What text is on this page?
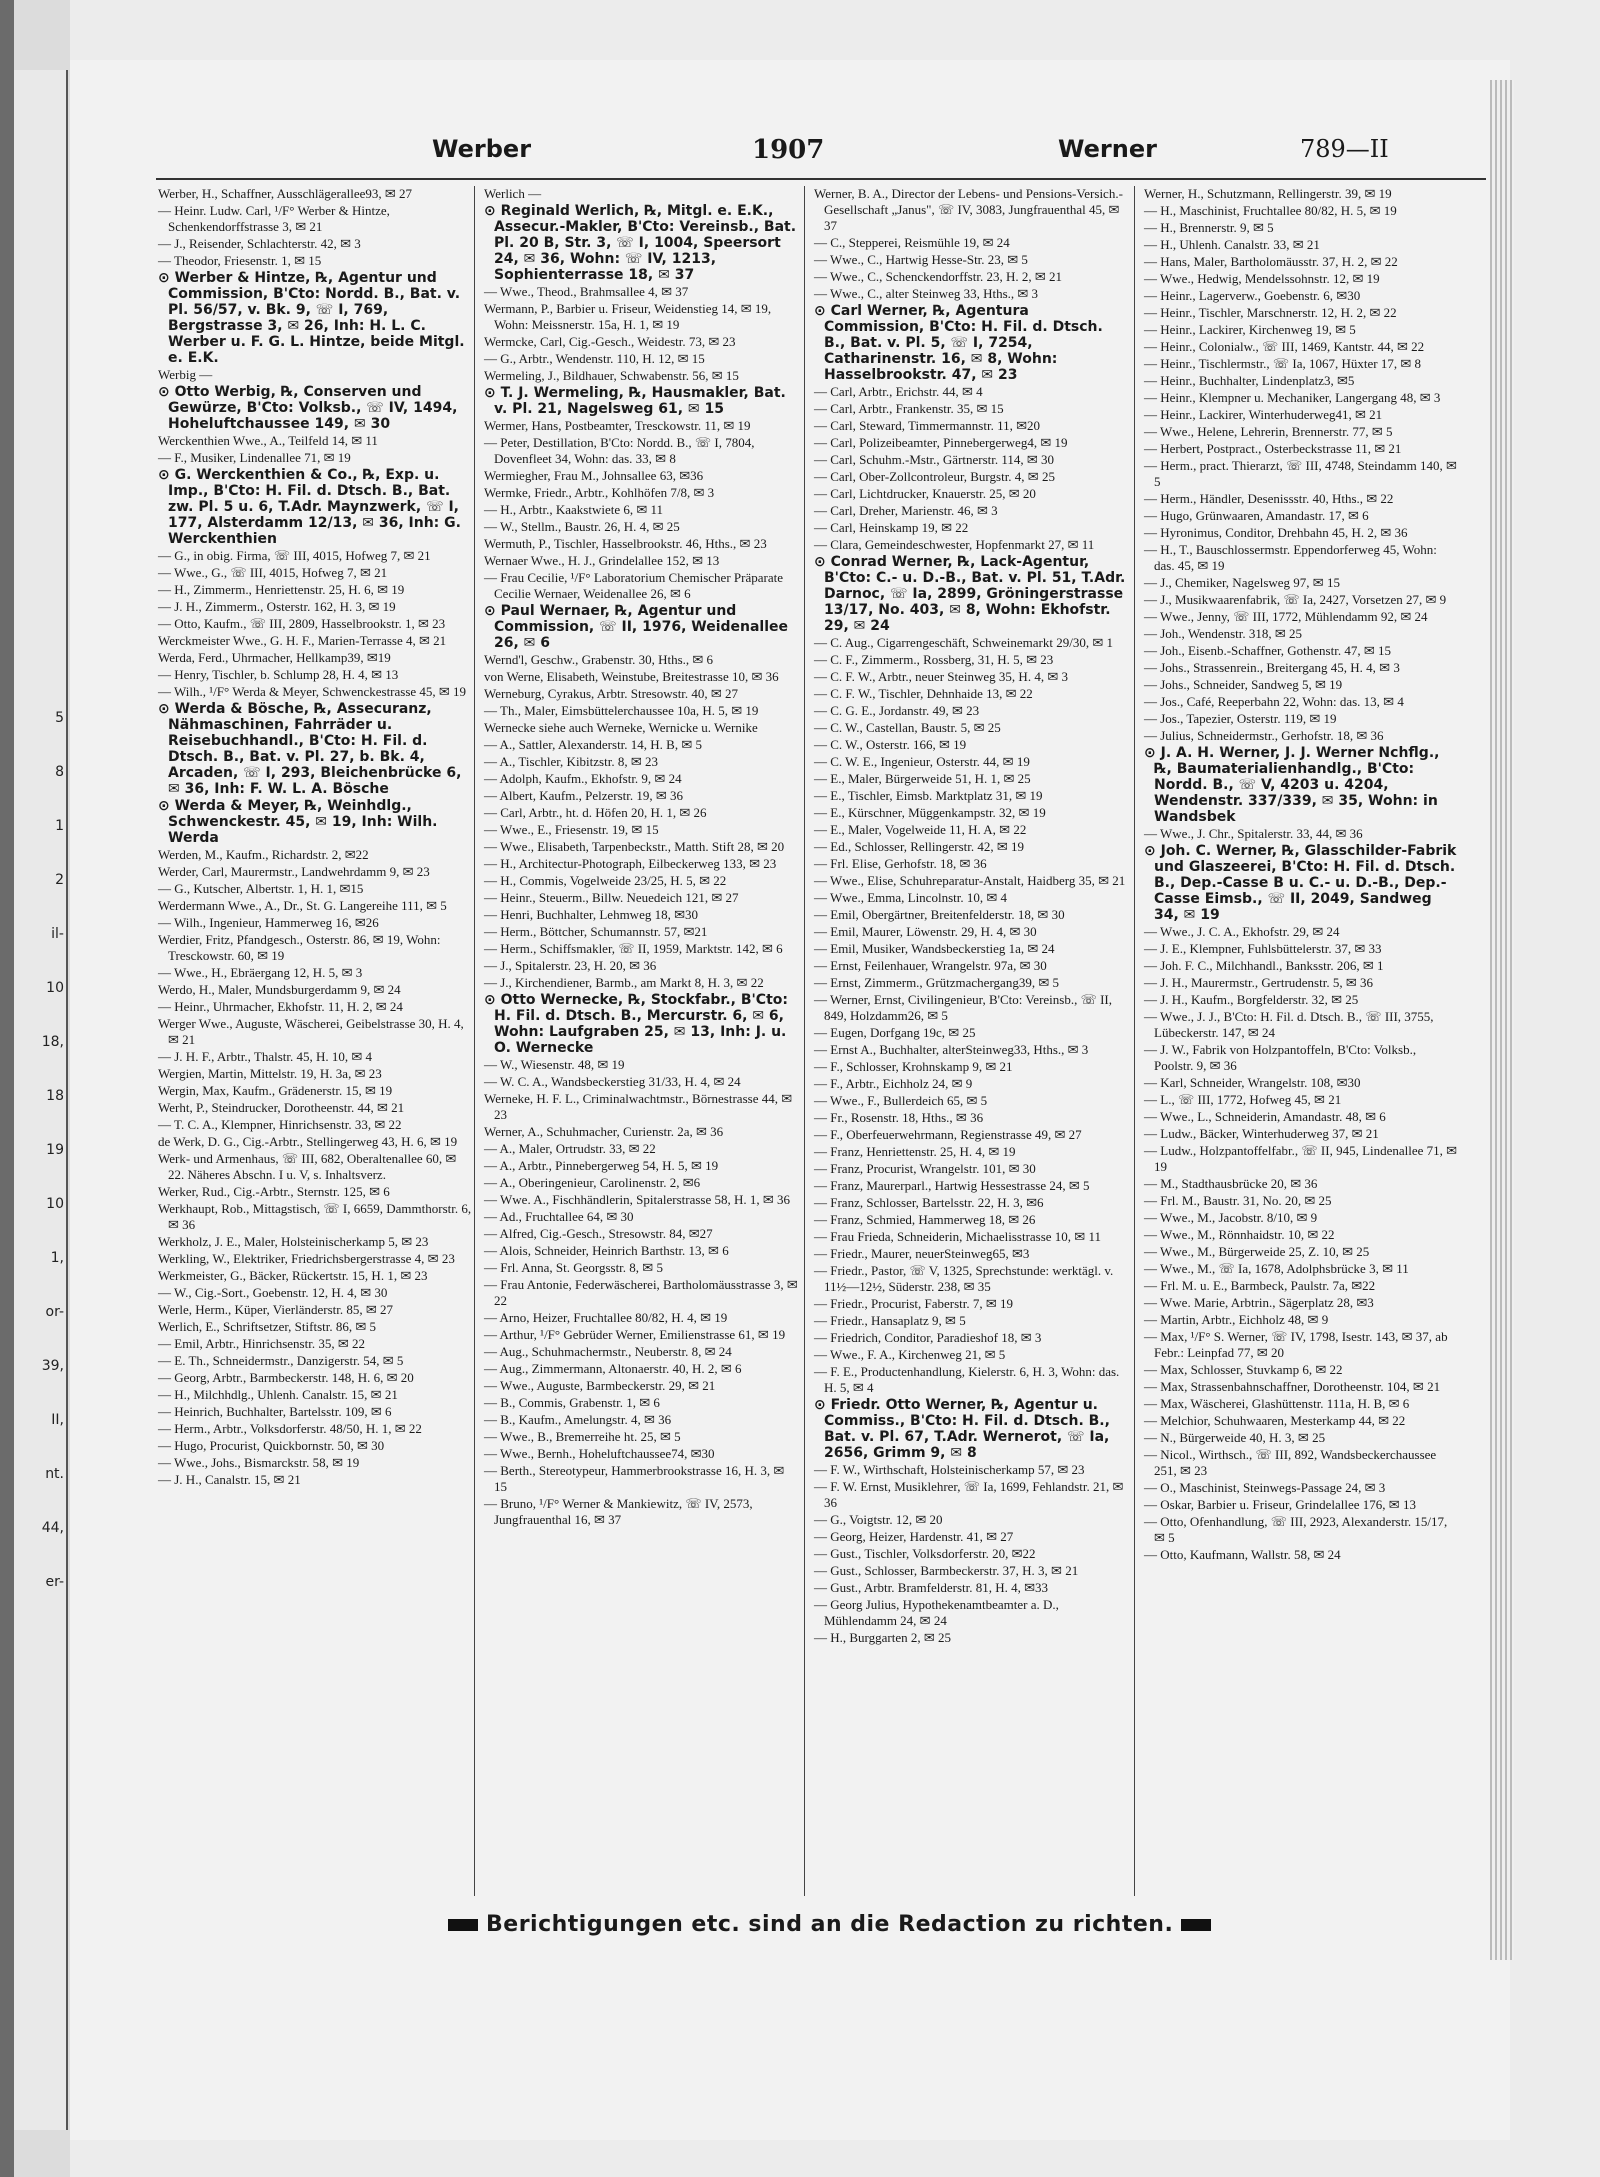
5
8
1
2
il-
10
18,
18
19
10
1,
or-
39,
II,
nt.
44,
er-
Werber	1907	Werner	789—II
Werber, H., Schaffner, Ausschlägerallee93, ✉ 27
— Heinr. Ludw. Carl, ¹/F° Werber & Hintze, Schenkendorffstrasse 3, ✉ 21
— J., Reisender, Schlachterstr. 42, ✉ 3
— Theodor, Friesenstr. 1, ✉ 15
⊙ Werber & Hintze, ℞, Agentur und Commission, B'Cto: Nordd. B., Bat. v. Pl. 56/57, v. Bk. 9, ☏ I, 769, Bergstrasse 3, ✉ 26, Inh: H. L. C. Werber u. F. G. L. Hintze, beide Mitgl. e. E.K.
Werbig —
⊙ Otto Werbig, ℞, Conserven und Gewürze, B'Cto: Volksb., ☏ IV, 1494, Hoheluftchaussee 149, ✉ 30
Werckenthien Wwe., A., Teilfeld 14, ✉ 11
— F., Musiker, Lindenallee 71, ✉ 19
⊙ G. Werckenthien & Co., ℞, Exp. u. Imp., B'Cto: H. Fil. d. Dtsch. B., Bat. zw. Pl. 5 u. 6, T.Adr. Maynzwerk, ☏ I, 177, Alsterdamm 12/13, ✉ 36, Inh: G. Werckenthien
— G., in obig. Firma, ☏ III, 4015, Hofweg 7, ✉ 21
— Wwe., G., ☏ III, 4015, Hofweg 7, ✉ 21
— H., Zimmerm., Henriettenstr. 25, H. 6, ✉ 19
— J. H., Zimmerm., Osterstr. 162, H. 3, ✉ 19
— Otto, Kaufm., ☏ III, 2809, Hasselbrookstr. 1, ✉ 23
Werckmeister Wwe., G. H. F., Marien-Terrasse 4, ✉ 21
Werda, Ferd., Uhrmacher, Hellkamp39, ✉19
— Henry, Tischler, b. Schlump 28, H. 4, ✉ 13
— Wilh., ¹/F° Werda & Meyer, Schwenckestrasse 45, ✉ 19
⊙ Werda & Bösche, ℞, Assecuranz, Nähmaschinen, Fahrräder u. Reisebuchhandl., B'Cto: H. Fil. d. Dtsch. B., Bat. v. Pl. 27, b. Bk. 4, Arcaden, ☏ I, 293, Bleichenbrücke 6, ✉ 36, Inh: F. W. L. A. Bösche
⊙ Werda & Meyer, ℞, Weinhdlg., Schwenckestr. 45, ✉ 19, Inh: Wilh. Werda
Werden, M., Kaufm., Richardstr. 2, ✉22
Werder, Carl, Maurermstr., Landwehrdamm 9, ✉ 23
— G., Kutscher, Albertstr. 1, H. 1, ✉15
Werdermann Wwe., A., Dr., St. G. Langereihe 111, ✉ 5
— Wilh., Ingenieur, Hammerweg 16, ✉26
Werdier, Fritz, Pfandgesch., Osterstr. 86, ✉ 19, Wohn: Tresckowstr. 60, ✉ 19
— Wwe., H., Ebräergang 12, H. 5, ✉ 3
Werdo, H., Maler, Mundsburgerdamm 9, ✉ 24
— Heinr., Uhrmacher, Ekhofstr. 11, H. 2, ✉ 24
Werger Wwe., Auguste, Wäscherei, Geibelstrasse 30, H. 4, ✉ 21
— J. H. F., Arbtr., Thalstr. 45, H. 10, ✉ 4
Wergien, Martin, Mittelstr. 19, H. 3a, ✉ 23
Wergin, Max, Kaufm., Grädenerstr. 15, ✉ 19
Werht, P., Steindrucker, Dorotheenstr. 44, ✉ 21
— T. C. A., Klempner, Hinrichsenstr. 33, ✉ 22
de Werk, D. G., Cig.-Arbtr., Stellingerweg 43, H. 6, ✉ 19
Werk- und Armenhaus, ☏ III, 682, Oberaltenallee 60, ✉ 22. Näheres Abschn. I u. V, s. Inhaltsverz.
Werker, Rud., Cig.-Arbtr., Sternstr. 125, ✉ 6
Werkhaupt, Rob., Mittagstisch, ☏ I, 6659, Dammthorstr. 6, ✉ 36
Werkholz, J. E., Maler, Holsteinischerkamp 5, ✉ 23
Werkling, W., Elektriker, Friedrichsbergerstrasse 4, ✉ 23
Werkmeister, G., Bäcker, Rückertstr. 15, H. 1, ✉ 23
— W., Cig.-Sort., Goebenstr. 12, H. 4, ✉ 30
Werle, Herm., Küper, Vierländerstr. 85, ✉ 27
Werlich, E., Schriftsetzer, Stiftstr. 86, ✉ 5
— Emil, Arbtr., Hinrichsenstr. 35, ✉ 22
— E. Th., Schneidermstr., Danzigerstr. 54, ✉ 5
— Georg, Arbtr., Barmbeckerstr. 148, H. 6, ✉ 20
— H., Milchhdlg., Uhlenh. Canalstr. 15, ✉ 21
— Heinrich, Buchhalter, Bartelsstr. 109, ✉ 6
— Herm., Arbtr., Volksdorferstr. 48/50, H. 1, ✉ 22
— Hugo, Procurist, Quickbornstr. 50, ✉ 30
— Wwe., Johs., Bismarckstr. 58, ✉ 19
— J. H., Canalstr. 15, ✉ 21
Werlich —
⊙ Reginald Werlich, ℞, Mitgl. e. E.K., Assecur.-Makler, B'Cto: Vereinsb., Bat. Pl. 20 B, Str. 3, ☏ I, 1004, Speersort 24, ✉ 36, Wohn: ☏ IV, 1213, Sophienterrasse 18, ✉ 37
— Wwe., Theod., Brahmsallee 4, ✉ 37
Wermann, P., Barbier u. Friseur, Weidenstieg 14, ✉ 19, Wohn: Meissnerstr. 15a, H. 1, ✉ 19
Wermcke, Carl, Cig.-Gesch., Weidestr. 73, ✉ 23
— G., Arbtr., Wendenstr. 110, H. 12, ✉ 15
Wermeling, J., Bildhauer, Schwabenstr. 56, ✉ 15
⊙ T. J. Wermeling, ℞, Hausmakler, Bat. v. Pl. 21, Nagelsweg 61, ✉ 15
Wermer, Hans, Postbeamter, Tresckowstr. 11, ✉ 19
— Peter, Destillation, B'Cto: Nordd. B., ☏ I, 7804, Dovenfleet 34, Wohn: das. 33, ✉ 8
Wermiegher, Frau M., Johnsallee 63, ✉36
Wermke, Friedr., Arbtr., Kohlhöfen 7/8, ✉ 3
— H., Arbtr., Kaakstwiete 6, ✉ 11
— W., Stellm., Baustr. 26, H. 4, ✉ 25
Wermuth, P., Tischler, Hasselbrookstr. 46, Hths., ✉ 23
Wernaer Wwe., H. J., Grindelallee 152, ✉ 13
— Frau Cecilie, ¹/F° Laboratorium Chemischer Präparate Cecilie Wernaer, Weidenallee 26, ✉ 6
⊙ Paul Wernaer, ℞, Agentur und Commission, ☏ II, 1976, Weidenallee 26, ✉ 6
Wernd'l, Geschw., Grabenstr. 30, Hths., ✉ 6
von Werne, Elisabeth, Weinstube, Breitestrasse 10, ✉ 36
Werneburg, Cyrakus, Arbtr. Stresowstr. 40, ✉ 27
— Th., Maler, Eimsbüttelerchaussee 10a, H. 5, ✉ 19
Wernecke siehe auch Werneke, Wernicke u. Wernike
— A., Sattler, Alexanderstr. 14, H. B, ✉ 5
— A., Tischler, Kibitzstr. 8, ✉ 23
— Adolph, Kaufm., Ekhofstr. 9, ✉ 24
— Albert, Kaufm., Pelzerstr. 19, ✉ 36
— Carl, Arbtr., ht. d. Höfen 20, H. 1, ✉ 26
— Wwe., E., Friesenstr. 19, ✉ 15
— Wwe., Elisabeth, Tarpenbeckstr., Matth. Stift 28, ✉ 20
— H., Architectur-Photograph, Eilbeckerweg 133, ✉ 23
— H., Commis, Vogelweide 23/25, H. 5, ✉ 22
— Heinr., Steuerm., Billw. Neuedeich 121, ✉ 27
— Henri, Buchhalter, Lehmweg 18, ✉30
— Herm., Böttcher, Schumannstr. 57, ✉21
— Herm., Schiffsmakler, ☏ II, 1959, Marktstr. 142, ✉ 6
— J., Spitalerstr. 23, H. 20, ✉ 36
— J., Kirchendiener, Barmb., am Markt 8, H. 3, ✉ 22
⊙ Otto Wernecke, ℞, Stockfabr., B'Cto: H. Fil. d. Dtsch. B., Mercurstr. 6, ✉ 6, Wohn: Laufgraben 25, ✉ 13, Inh: J. u. O. Wernecke
— W., Wiesenstr. 48, ✉ 19
— W. C. A., Wandsbeckerstieg 31/33, H. 4, ✉ 24
Werneke, H. F. L., Criminalwachtmstr., Börnestrasse 44, ✉ 23
Werner, A., Schuhmacher, Curienstr. 2a, ✉ 36
— A., Maler, Ortrudstr. 33, ✉ 22
— A., Arbtr., Pinnebergerweg 54, H. 5, ✉ 19
— A., Oberingenieur, Carolinenstr. 2, ✉6
— Wwe. A., Fischhändlerin, Spitalerstrasse 58, H. 1, ✉ 36
— Ad., Fruchtallee 64, ✉ 30
— Alfred, Cig.-Gesch., Stresowstr. 84, ✉27
— Alois, Schneider, Heinrich Barthstr. 13, ✉ 6
— Frl. Anna, St. Georgsstr. 8, ✉ 5
— Frau Antonie, Federwäscherei, Bartholomäusstrasse 3, ✉ 22
— Arno, Heizer, Fruchtallee 80/82, H. 4, ✉ 19
— Arthur, ¹/F° Gebrüder Werner, Emilienstrasse 61, ✉ 19
— Aug., Schuhmachermstr., Neuberstr. 8, ✉ 24
— Aug., Zimmermann, Altonaerstr. 40, H. 2, ✉ 6
— Wwe., Auguste, Barmbeckerstr. 29, ✉ 21
— B., Commis, Grabenstr. 1, ✉ 6
— B., Kaufm., Amelungstr. 4, ✉ 36
— Wwe., B., Bremerreihe ht. 25, ✉ 5
— Wwe., Bernh., Hoheluftchaussee74, ✉30
— Berth., Stereotypeur, Hammerbrookstrasse 16, H. 3, ✉ 15
— Bruno, ¹/F° Werner & Mankiewitz, ☏ IV, 2573, Jungfrauenthal 16, ✉ 37
Werner, B. A., Director der Lebens- und Pensions-Versich.-Gesellschaft „Janus", ☏ IV, 3083, Jungfrauenthal 45, ✉ 37
— C., Stepperei, Reismühle 19, ✉ 24
— Wwe., C., Hartwig Hesse-Str. 23, ✉ 5
— Wwe., C., Schenckendorffstr. 23, H. 2, ✉ 21
— Wwe., C., alter Steinweg 33, Hths., ✉ 3
⊙ Carl Werner, ℞, Agentura Commission, B'Cto: H. Fil. d. Dtsch. B., Bat. v. Pl. 5, ☏ I, 7254, Catharinenstr. 16, ✉ 8, Wohn: Hasselbrookstr. 47, ✉ 23
— Carl, Arbtr., Erichstr. 44, ✉ 4
— Carl, Arbtr., Frankenstr. 35, ✉ 15
— Carl, Steward, Timmermannstr. 11, ✉20
— Carl, Polizeibeamter, Pinnebergerweg4, ✉ 19
— Carl, Schuhm.-Mstr., Gärtnerstr. 114, ✉ 30
— Carl, Ober-Zollcontroleur, Burgstr. 4, ✉ 25
— Carl, Lichtdrucker, Knauerstr. 25, ✉ 20
— Carl, Dreher, Marienstr. 46, ✉ 3
— Carl, Heinskamp 19, ✉ 22
— Clara, Gemeindeschwester, Hopfenmarkt 27, ✉ 11
⊙ Conrad Werner, ℞, Lack-Agentur, B'Cto: C.- u. D.-B., Bat. v. Pl. 51, T.Adr. Darnoc, ☏ Ia, 2899, Gröningerstrasse 13/17, No. 403, ✉ 8, Wohn: Ekhofstr. 29, ✉ 24
— C. Aug., Cigarrengeschäft, Schweinemarkt 29/30, ✉ 1
— C. F., Zimmerm., Rossberg, 31, H. 5, ✉ 23
— C. F. W., Arbtr., neuer Steinweg 35, H. 4, ✉ 3
— C. F. W., Tischler, Dehnhaide 13, ✉ 22
— C. G. E., Jordanstr. 49, ✉ 23
— C. W., Castellan, Baustr. 5, ✉ 25
— C. W., Osterstr. 166, ✉ 19
— C. W. E., Ingenieur, Osterstr. 44, ✉ 19
— E., Maler, Bürgerweide 51, H. 1, ✉ 25
— E., Tischler, Eimsb. Marktplatz 31, ✉ 19
— E., Kürschner, Müggenkampstr. 32, ✉ 19
— E., Maler, Vogelweide 11, H. A, ✉ 22
— Ed., Schlosser, Rellingerstr. 42, ✉ 19
— Frl. Elise, Gerhofstr. 18, ✉ 36
— Wwe., Elise, Schuhreparatur-Anstalt, Haidberg 35, ✉ 21
— Wwe., Emma, Lincolnstr. 10, ✉ 4
— Emil, Obergärtner, Breitenfelderstr. 18, ✉ 30
— Emil, Maurer, Löwenstr. 29, H. 4, ✉ 30
— Emil, Musiker, Wandsbeckerstieg 1a, ✉ 24
— Ernst, Feilenhauer, Wrangelstr. 97a, ✉ 30
— Ernst, Zimmerm., Grützmachergang39, ✉ 5
— Werner, Ernst, Civilingenieur, B'Cto: Vereinsb., ☏ II, 849, Holzdamm26, ✉ 5
— Eugen, Dorfgang 19c, ✉ 25
— Ernst A., Buchhalter, alterSteinweg33, Hths., ✉ 3
— F., Schlosser, Krohnskamp 9, ✉ 21
— F., Arbtr., Eichholz 24, ✉ 9
— Wwe., F., Bullerdeich 65, ✉ 5
— Fr., Rosenstr. 18, Hths., ✉ 36
— F., Oberfeuerwehrmann, Regienstrasse 49, ✉ 27
— Franz, Henriettenstr. 25, H. 4, ✉ 19
— Franz, Procurist, Wrangelstr. 101, ✉ 30
— Franz, Maurerparl., Hartwig Hessestrasse 24, ✉ 5
— Franz, Schlosser, Bartelsstr. 22, H. 3, ✉6
— Franz, Schmied, Hammerweg 18, ✉ 26
— Frau Frieda, Schneiderin, Michaelisstrasse 10, ✉ 11
— Friedr., Maurer, neuerSteinweg65, ✉3
— Friedr., Pastor, ☏ V, 1325, Sprechstunde: werktägl. v. 11½—12½, Süderstr. 238, ✉ 35
— Friedr., Procurist, Faberstr. 7, ✉ 19
— Friedr., Hansaplatz 9, ✉ 5
— Friedrich, Conditor, Paradieshof 18, ✉ 3
— Wwe., F. A., Kirchenweg 21, ✉ 5
— F. E., Productenhandlung, Kielerstr. 6, H. 3, Wohn: das. H. 5, ✉ 4
⊙ Friedr. Otto Werner, ℞, Agentur u. Commiss., B'Cto: H. Fil. d. Dtsch. B., Bat. v. Pl. 67, T.Adr. Wernerot, ☏ Ia, 2656, Grimm 9, ✉ 8
— F. W., Wirthschaft, Holsteinischerkamp 57, ✉ 23
— F. W. Ernst, Musiklehrer, ☏ Ia, 1699, Fehlandstr. 21, ✉ 36
— G., Voigtstr. 12, ✉ 20
— Georg, Heizer, Hardenstr. 41, ✉ 27
— Gust., Tischler, Volksdorferstr. 20, ✉22
— Gust., Schlosser, Barmbeckerstr. 37, H. 3, ✉ 21
— Gust., Arbtr. Bramfelderstr. 81, H. 4, ✉33
— Georg Julius, Hypothekenamtbeamter a. D., Mühlendamm 24, ✉ 24
— H., Burggarten 2, ✉ 25
Werner, H., Schutzmann, Rellingerstr. 39, ✉ 19
— H., Maschinist, Fruchtallee 80/82, H. 5, ✉ 19
— H., Brennerstr. 9, ✉ 5
— H., Uhlenh. Canalstr. 33, ✉ 21
— Hans, Maler, Bartholomäusstr. 37, H. 2, ✉ 22
— Wwe., Hedwig, Mendelssohnstr. 12, ✉ 19
— Heinr., Lagerverw., Goebenstr. 6, ✉30
— Heinr., Tischler, Marschnerstr. 12, H. 2, ✉ 22
— Heinr., Lackirer, Kirchenweg 19, ✉ 5
— Heinr., Colonialw., ☏ III, 1469, Kantstr. 44, ✉ 22
— Heinr., Tischlermstr., ☏ Ia, 1067, Hüxter 17, ✉ 8
— Heinr., Buchhalter, Lindenplatz3, ✉5
— Heinr., Klempner u. Mechaniker, Langergang 48, ✉ 3
— Heinr., Lackirer, Winterhuderweg41, ✉ 21
— Wwe., Helene, Lehrerin, Brennerstr. 77, ✉ 5
— Herbert, Postpract., Osterbeckstrasse 11, ✉ 21
— Herm., pract. Thierarzt, ☏ III, 4748, Steindamm 140, ✉ 5
— Herm., Händler, Desenissstr. 40, Hths., ✉ 22
— Hugo, Grünwaaren, Amandastr. 17, ✉ 6
— Hyronimus, Conditor, Drehbahn 45, H. 2, ✉ 36
— H., T., Bauschlossermstr. Eppendorferweg 45, Wohn: das. 45, ✉ 19
— J., Chemiker, Nagelsweg 97, ✉ 15
— J., Musikwaarenfabrik, ☏ Ia, 2427, Vorsetzen 27, ✉ 9
— Wwe., Jenny, ☏ III, 1772, Mühlendamm 92, ✉ 24
— Joh., Wendenstr. 318, ✉ 25
— Joh., Eisenb.-Schaffner, Gothenstr. 47, ✉ 15
— Johs., Strassenrein., Breitergang 45, H. 4, ✉ 3
— Johs., Schneider, Sandweg 5, ✉ 19
— Jos., Café, Reeperbahn 22, Wohn: das. 13, ✉ 4
— Jos., Tapezier, Osterstr. 119, ✉ 19
— Julius, Schneidermstr., Gerhofstr. 18, ✉ 36
⊙ J. A. H. Werner, J. J. Werner Nchflg., ℞, Baumaterialienhandlg., B'Cto: Nordd. B., ☏ V, 4203 u. 4204, Wendenstr. 337/339, ✉ 35, Wohn: in Wandsbek
— Wwe., J. Chr., Spitalerstr. 33, 44, ✉ 36
⊙ Joh. C. Werner, ℞, Glasschilder-Fabrik und Glaszeerei, B'Cto: H. Fil. d. Dtsch. B., Dep.-Casse B u. C.- u. D.-B., Dep.-Casse Eimsb., ☏ II, 2049, Sandweg 34, ✉ 19
— Wwe., J. C. A., Ekhofstr. 29, ✉ 24
— J. E., Klempner, Fuhlsbüttelerstr. 37, ✉ 33
— Joh. F. C., Milchhandl., Banksstr. 206, ✉ 1
— J. H., Maurermstr., Gertrudenstr. 5, ✉ 36
— J. H., Kaufm., Borgfelderstr. 32, ✉ 25
— Wwe., J. J., B'Cto: H. Fil. d. Dtsch. B., ☏ III, 3755, Lübeckerstr. 147, ✉ 24
— J. W., Fabrik von Holzpantoffeln, B'Cto: Volksb., Poolstr. 9, ✉ 36
— Karl, Schneider, Wrangelstr. 108, ✉30
— L., ☏ III, 1772, Hofweg 45, ✉ 21
— Wwe., L., Schneiderin, Amandastr. 48, ✉ 6
— Ludw., Bäcker, Winterhuderweg 37, ✉ 21
— Ludw., Holzpantoffelfabr., ☏ II, 945, Lindenallee 71, ✉ 19
— M., Stadthausbrücke 20, ✉ 36
— Frl. M., Baustr. 31, No. 20, ✉ 25
— Wwe., M., Jacobstr. 8/10, ✉ 9
— Wwe., M., Rönnhaidstr. 10, ✉ 22
— Wwe., M., Bürgerweide 25, Z. 10, ✉ 25
— Wwe., M., ☏ Ia, 1678, Adolphsbrücke 3, ✉ 11
— Frl. M. u. E., Barmbeck, Paulstr. 7a, ✉22
— Wwe. Marie, Arbtrin., Sägerplatz 28, ✉3
— Martin, Arbtr., Eichholz 48, ✉ 9
— Max, ¹/F° S. Werner, ☏ IV, 1798, Isestr. 143, ✉ 37, ab Febr.: Leinpfad 77, ✉ 20
— Max, Schlosser, Stuvkamp 6, ✉ 22
— Max, Strassenbahnschaffner, Dorotheenstr. 104, ✉ 21
— Max, Wäscherei, Glashüttenstr. 111a, H. B, ✉ 6
— Melchior, Schuhwaaren, Mesterkamp 44, ✉ 22
— N., Bürgerweide 40, H. 3, ✉ 25
— Nicol., Wirthsch., ☏ III, 892, Wandsbeckerchaussee 251, ✉ 23
— O., Maschinist, Steinwegs-Passage 24, ✉ 3
— Oskar, Barbier u. Friseur, Grindelallee 176, ✉ 13
— Otto, Ofenhandlung, ☏ III, 2923, Alexanderstr. 15/17, ✉ 5
— Otto, Kaufmann, Wallstr. 58, ✉ 24
Berichtigungen etc. sind an die Redaction zu richten.
